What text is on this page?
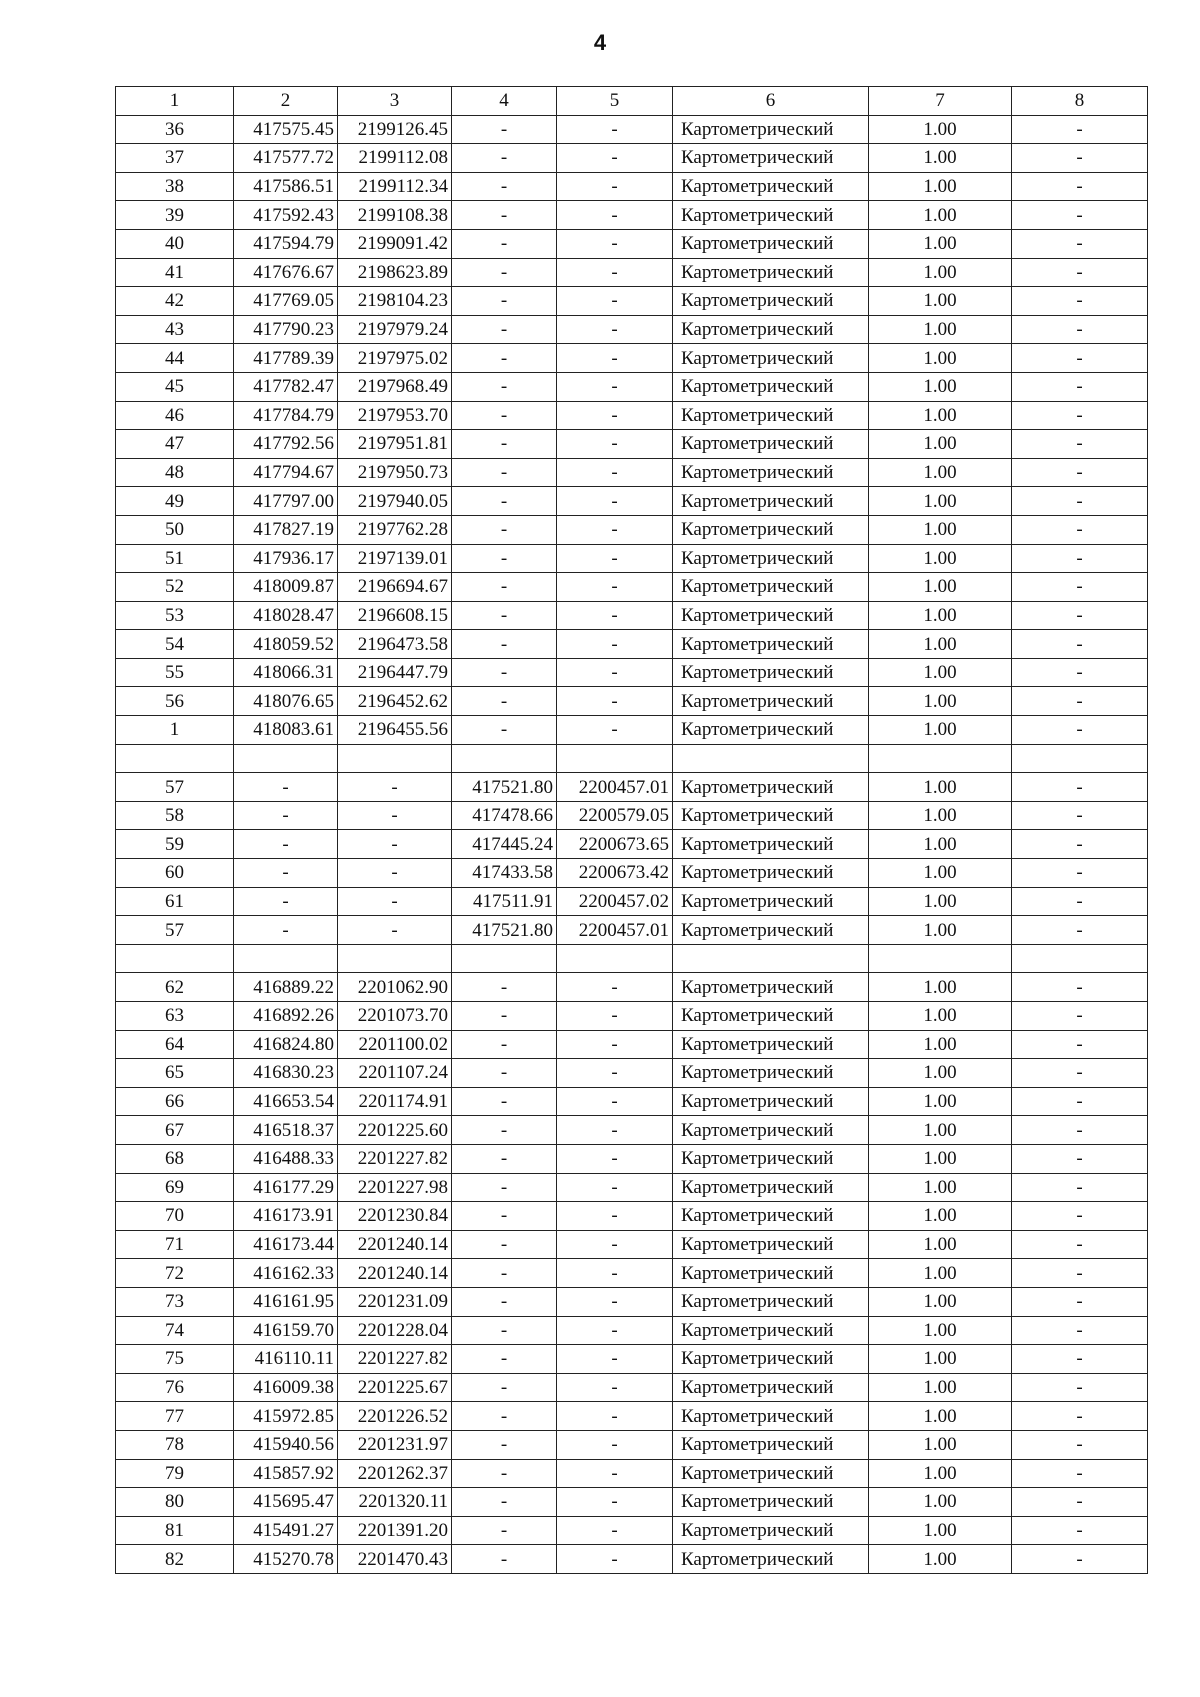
4
1	2	3	4	5	6	7	8
36	417575.45	2199126.45	-	-	Картометрический	1.00	-
37	417577.72	2199112.08	-	-	Картометрический	1.00	-
38	417586.51	2199112.34	-	-	Картометрический	1.00	-
39	417592.43	2199108.38	-	-	Картометрический	1.00	-
40	417594.79	2199091.42	-	-	Картометрический	1.00	-
41	417676.67	2198623.89	-	-	Картометрический	1.00	-
42	417769.05	2198104.23	-	-	Картометрический	1.00	-
43	417790.23	2197979.24	-	-	Картометрический	1.00	-
44	417789.39	2197975.02	-	-	Картометрический	1.00	-
45	417782.47	2197968.49	-	-	Картометрический	1.00	-
46	417784.79	2197953.70	-	-	Картометрический	1.00	-
47	417792.56	2197951.81	-	-	Картометрический	1.00	-
48	417794.67	2197950.73	-	-	Картометрический	1.00	-
49	417797.00	2197940.05	-	-	Картометрический	1.00	-
50	417827.19	2197762.28	-	-	Картометрический	1.00	-
51	417936.17	2197139.01	-	-	Картометрический	1.00	-
52	418009.87	2196694.67	-	-	Картометрический	1.00	-
53	418028.47	2196608.15	-	-	Картометрический	1.00	-
54	418059.52	2196473.58	-	-	Картометрический	1.00	-
55	418066.31	2196447.79	-	-	Картометрический	1.00	-
56	418076.65	2196452.62	-	-	Картометрический	1.00	-
1	418083.61	2196455.56	-	-	Картометрический	1.00	-

57	-	-	417521.80	2200457.01	Картометрический	1.00	-
58	-	-	417478.66	2200579.05	Картометрический	1.00	-
59	-	-	417445.24	2200673.65	Картометрический	1.00	-
60	-	-	417433.58	2200673.42	Картометрический	1.00	-
61	-	-	417511.91	2200457.02	Картометрический	1.00	-
57	-	-	417521.80	2200457.01	Картометрический	1.00	-

62	416889.22	2201062.90	-	-	Картометрический	1.00	-
63	416892.26	2201073.70	-	-	Картометрический	1.00	-
64	416824.80	2201100.02	-	-	Картометрический	1.00	-
65	416830.23	2201107.24	-	-	Картометрический	1.00	-
66	416653.54	2201174.91	-	-	Картометрический	1.00	-
67	416518.37	2201225.60	-	-	Картометрический	1.00	-
68	416488.33	2201227.82	-	-	Картометрический	1.00	-
69	416177.29	2201227.98	-	-	Картометрический	1.00	-
70	416173.91	2201230.84	-	-	Картометрический	1.00	-
71	416173.44	2201240.14	-	-	Картометрический	1.00	-
72	416162.33	2201240.14	-	-	Картометрический	1.00	-
73	416161.95	2201231.09	-	-	Картометрический	1.00	-
74	416159.70	2201228.04	-	-	Картометрический	1.00	-
75	416110.11	2201227.82	-	-	Картометрический	1.00	-
76	416009.38	2201225.67	-	-	Картометрический	1.00	-
77	415972.85	2201226.52	-	-	Картометрический	1.00	-
78	415940.56	2201231.97	-	-	Картометрический	1.00	-
79	415857.92	2201262.37	-	-	Картометрический	1.00	-
80	415695.47	2201320.11	-	-	Картометрический	1.00	-
81	415491.27	2201391.20	-	-	Картометрический	1.00	-
82	415270.78	2201470.43	-	-	Картометрический	1.00	-
